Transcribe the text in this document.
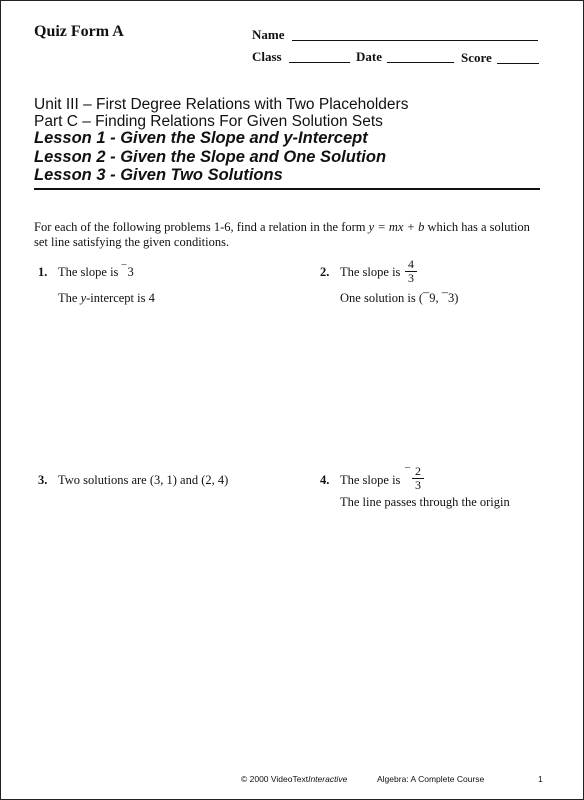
Quiz Form A	Name
Class	Date	Score
Unit III – First Degree Relations with Two Placeholders
Part C – Finding Relations For Given Solution Sets
Lesson 1 - Given the Slope and y-Intercept
Lesson 2 - Given the Slope and One Solution
Lesson 3 - Given Two Solutions
For each of the following problems 1-6, find a relation in the form y = mx + b which has a solution set line satisfying the given conditions.
1. The slope is ¯3
The y-intercept is 4
2. The slope is
4
3
One solution is (¯9, ¯3)
3. Two solutions are (3, 1) and (2, 4)	4. The slope is
¯ 2
3
The line passes through the origin
© 2000 VideoTextInteractive	Algebra: A Complete Course	1
